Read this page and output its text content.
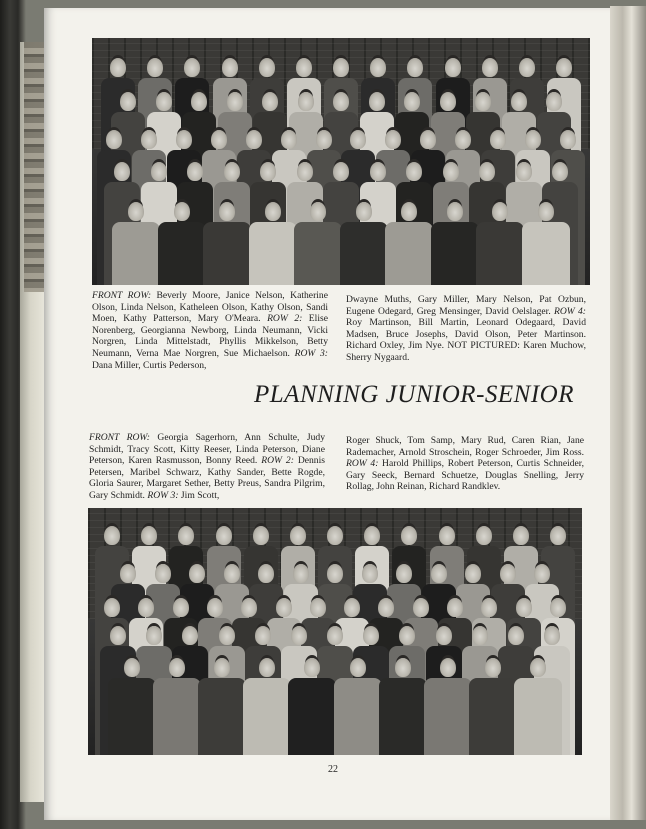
FRONT ROW: Beverly Moore, Janice Nelson, Katherine Olson, Linda Nelson, Katheleen Olson, Kathy Olson, Sandi Moen, Kathy Patterson, Mary O'Meara. ROW 2: Elise Norenberg, Georgianna Newborg, Linda Neumann, Vicki Norgren, Linda Mittelstadt, Phyllis Mikkelson, Betty Neumann, Verna Mae Norgren, Sue Michaelson. ROW 3: Dana Miller, Curtis Pederson,
Dwayne Muths, Gary Miller, Mary Nelson, Pat Ozbun, Eugene Odegard, Greg Mensinger, David Oelslager. ROW 4: Roy Martinson, Bill Martin, Leonard Odegaard, David Madsen, Bruce Josephs, David Olson, Peter Martinson. Richard Oxley, Jim Nye. NOT PICTURED: Karen Muchow, Sherry Nygaard.
PLANNING JUNIOR-SENIOR
FRONT ROW: Georgia Sagerhorn, Ann Schulte, Judy Schmidt, Tracy Scott, Kitty Reeser, Linda Peterson, Diane Peterson, Karen Rasmusson, Bonny Reed. ROW 2: Dennis Petersen, Maribel Schwarz, Kathy Sander, Bette Rogde, Gloria Saurer, Margaret Sether, Betty Preus, Sandra Pilgrim, Gary Schmidt. ROW 3: Jim Scott,
Roger Shuck, Tom Samp, Mary Rud, Caren Rian, Jane Rademacher, Arnold Stroschein, Roger Schroeder, Jim Ross. ROW 4: Harold Phillips, Robert Peterson, Curtis Schneider, Gary Seeck, Bernard Schuetze, Douglas Snelling, Jerry Rollag, John Reinan, Richard Randklev.
22
